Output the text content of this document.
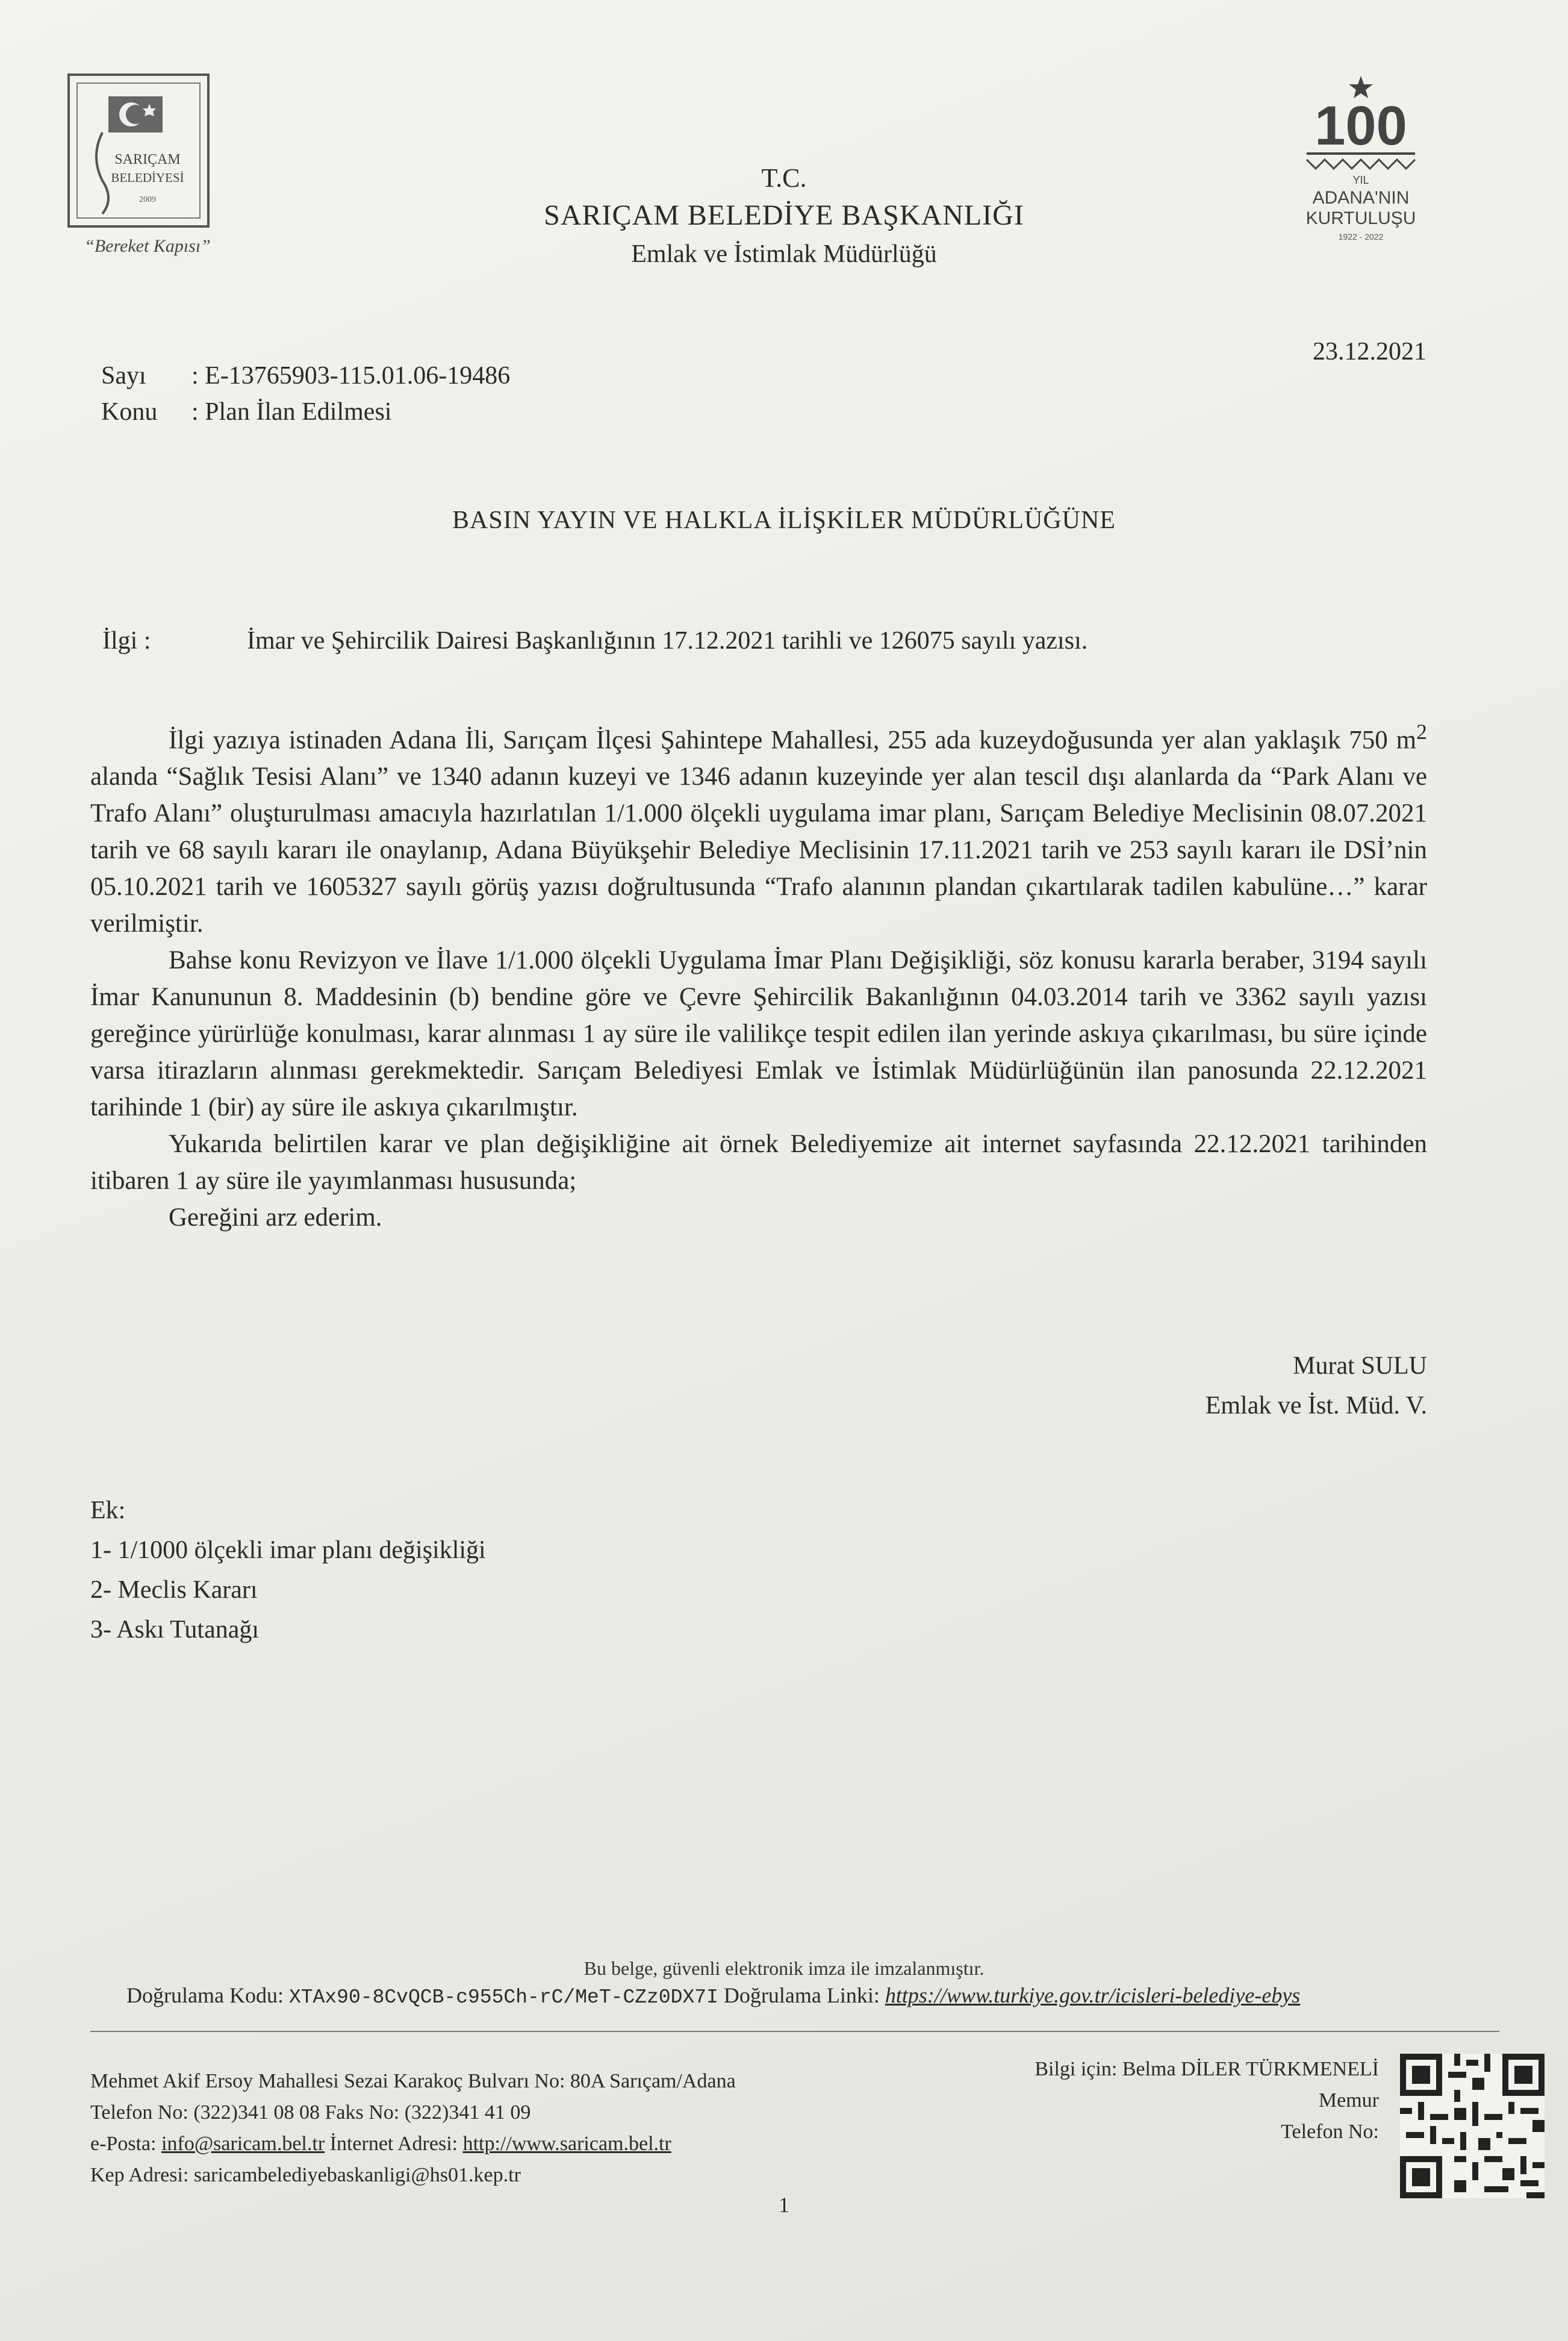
SARIÇAM
BELEDİYESİ
2009
“Bereket Kapısı”
100
YIL
ADANA'NIN
KURTULUŞU
1922 - 2022
T.C.
SARIÇAM BELEDİYE BAŞKANLIĞI
Emlak ve İstimlak Müdürlüğü
Sayı : E-13765903-115.01.06-19486
Konu : Plan İlan Edilmesi
23.12.2021
BASIN YAYIN VE HALKLA İLİŞKİLER MÜDÜRLÜĞÜNE
İlgi :	İmar ve Şehircilik Dairesi Başkanlığının 17.12.2021 tarihli ve 126075 sayılı yazısı.

İlgi yazıya istinaden Adana İli, Sarıçam İlçesi Şahintepe Mahallesi, 255 ada kuzeydoğusunda yer alan yaklaşık 750 $m^2$ alanda “Sağlık Tesisi Alanı” ve 1340 adanın kuzeyi ve 1346 adanın kuzeyinde yer alan tescil dışı alanlarda da “Park Alanı ve Trafo Alanı” oluşturulması amacıyla hazırlatılan 1/1.000 ölçekli uygulama imar planı, Sarıçam Belediye Meclisinin 08.07.2021 tarih ve 68 sayılı kararı ile onaylanıp, Adana Büyükşehir Belediye Meclisinin 17.11.2021 tarih ve 253 sayılı kararı ile DSİ’nin 05.10.2021 tarih ve 1605327 sayılı görüş yazısı doğrultusunda “Trafo alanının plandan çıkartılarak tadilen kabulüne…” karar verilmiştir.

Bahse konu Revizyon ve İlave 1/1.000 ölçekli Uygulama İmar Planı Değişikliği, söz konusu kararla beraber, 3194 sayılı İmar Kanununun 8. Maddesinin (b) bendine göre ve Çevre Şehircilik Bakanlığının 04.03.2014 tarih ve 3362 sayılı yazısı gereğince yürürlüğe konulması, karar alınması 1 ay süre ile valilikçe tespit edilen ilan yerinde askıya çıkarılması, bu süre içinde varsa itirazların alınması gerekmektedir. Sarıçam Belediyesi Emlak ve İstimlak Müdürlüğünün ilan panosunda 22.12.2021 tarihinde 1 (bir) ay süre ile askıya çıkarılmıştır.

Yukarıda belirtilen karar ve plan değişikliğine ait örnek Belediyemize ait internet sayfasında 22.12.2021 tarihinden itibaren 1 ay süre ile yayımlanması hususunda;

Gereğini arz ederim.

Murat SULU
Emlak ve İst. Müd. V.
Ek:
1- 1/1000 ölçekli imar planı değişikliği
2- Meclis Kararı
3- Askı Tutanağı
Bu belge, güvenli elektronik imza ile imzalanmıştır.
Doğrulama Kodu: XTAx90-8CvQCB-c955Ch-rC/MeT-CZz0DX7I Doğrulama Linki: https://www.turkiye.gov.tr/icisleri-belediye-ebys
Mehmet Akif Ersoy Mahallesi Sezai Karakoç Bulvarı No: 80A Sarıçam/Adana
Telefon No: (322)341 08 08 Faks No: (322)341 41 09
e-Posta: info@saricam.bel.tr İnternet Adresi: http://www.saricam.bel.tr
Kep Adresi: saricambelediyebaskanligi@hs01.kep.tr
Bilgi için: Belma DİLER TÜRKMENELİ
Memur
Telefon No:
1
